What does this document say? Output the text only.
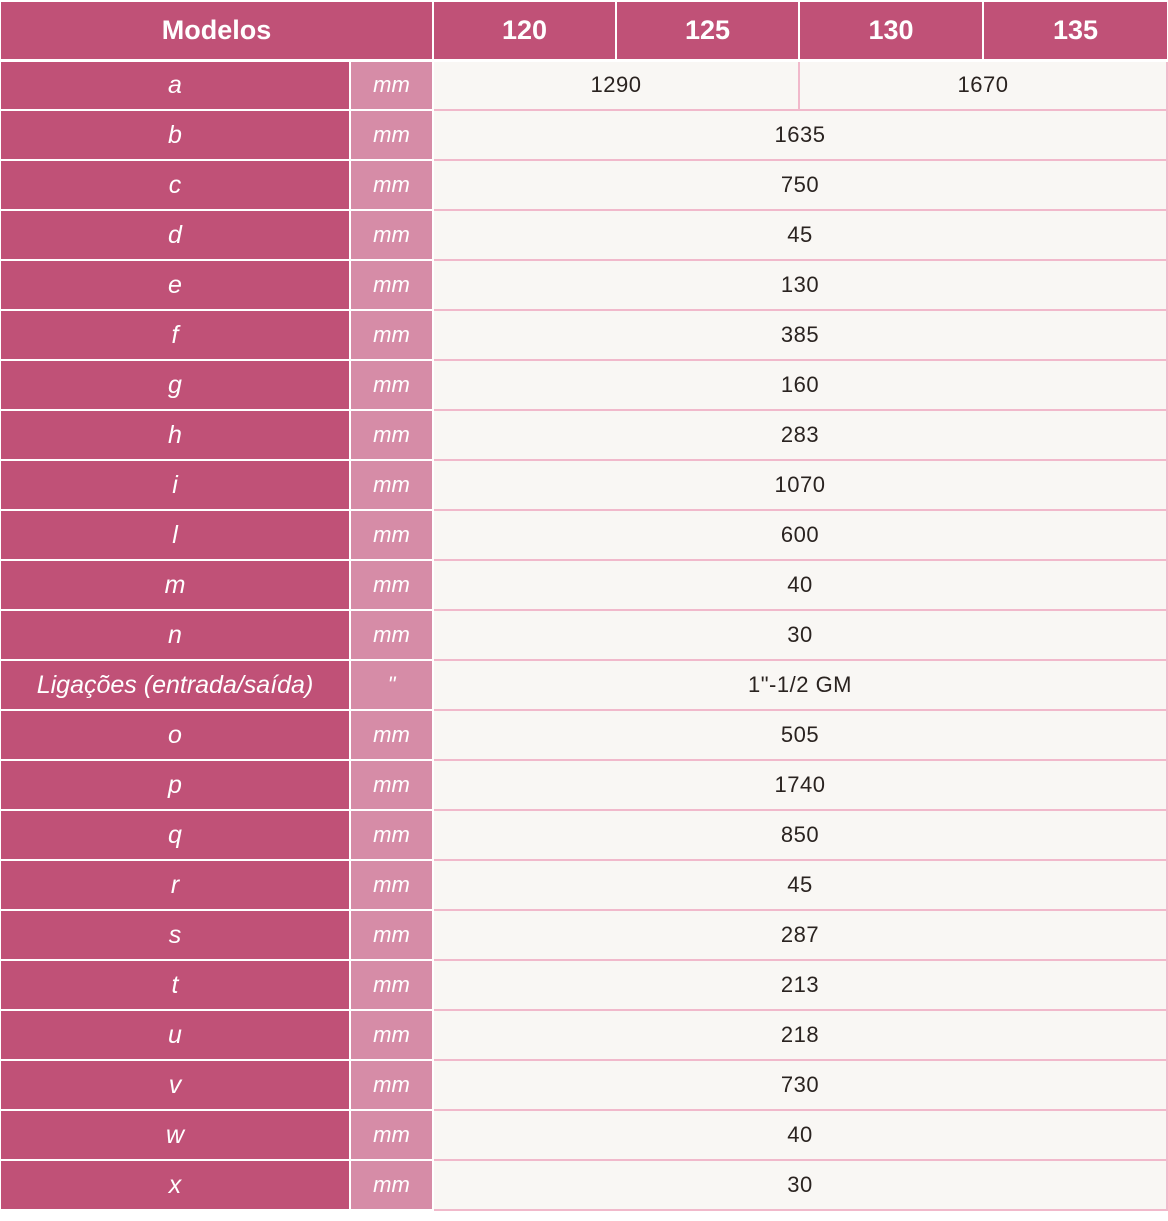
Modelos		120	125	130	135
a	mm	1290		1670	
b	mm	1635			
c	mm	750			
d	mm	45			
e	mm	130			
f	mm	385			
g	mm	160			
h	mm	283			
i	mm	1070			
l	mm	600			
m	mm	40			
n	mm	30			
Ligações (entrada/saída)	"	1"-1/2 GM			
o	mm	505			
p	mm	1740			
q	mm	850			
r	mm	45			
s	mm	287			
t	mm	213			
u	mm	218			
v	mm	730			
w	mm	40			
x	mm	30			
